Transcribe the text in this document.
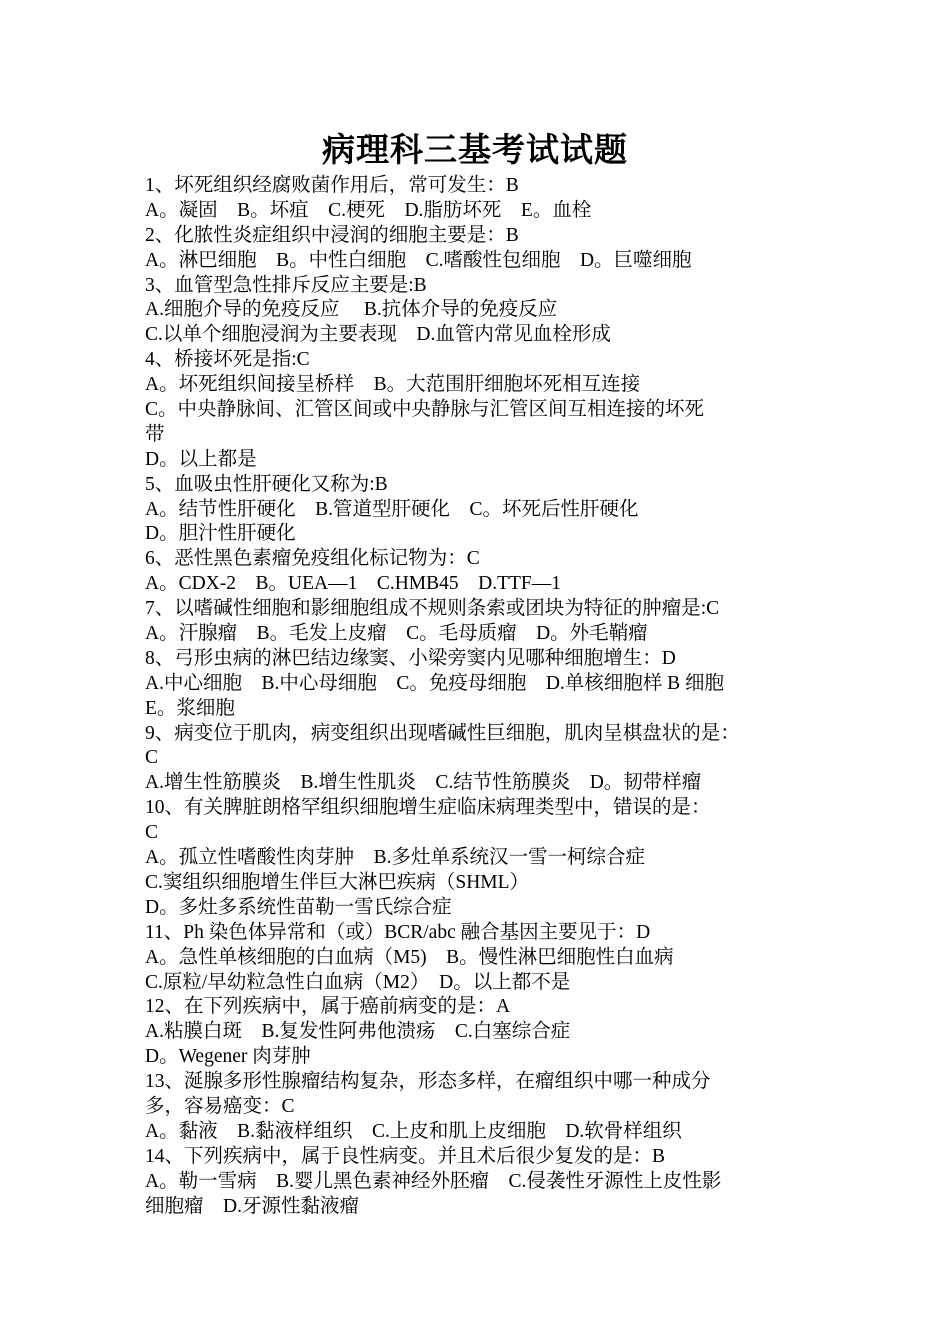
病理科三基考试试题
1、坏死组织经腐败菌作用后，常可发生：B
A。凝固　B。坏疽　C.梗死　D.脂肪坏死　E。血栓
2、化脓性炎症组织中浸润的细胞主要是：B
A。淋巴细胞　B。中性白细胞　C.嗜酸性包细胞　D。巨噬细胞
3、血管型急性排斥反应主要是:B
A.细胞介导的免疫反应　 B.抗体介导的免疫反应
C.以单个细胞浸润为主要表现　D.血管内常见血栓形成
4、桥接坏死是指:C
A。坏死组织间接呈桥样　B。大范围肝细胞坏死相互连接
C。中央静脉间、汇管区间或中央静脉与汇管区间互相连接的坏死
带
D。以上都是
5、血吸虫性肝硬化又称为:B
A。结节性肝硬化　B.管道型肝硬化　C。坏死后性肝硬化
D。胆汁性肝硬化
6、恶性黑色素瘤免疫组化标记物为：C
A。CDX-2　B。UEA—1　C.HMB45　D.TTF—1
7、以嗜碱性细胞和影细胞组成不规则条索或团块为特征的肿瘤是:C
A。汗腺瘤　B。毛发上皮瘤　C。毛母质瘤　D。外毛鞘瘤
8、弓形虫病的淋巴结边缘窦、小梁旁窦内见哪种细胞增生：D
A.中心细胞　B.中心母细胞　C。免疫母细胞　D.单核细胞样 B 细胞
E。浆细胞
9、病变位于肌肉，病变组织出现嗜碱性巨细胞，肌肉呈棋盘状的是：
C
A.增生性筋膜炎　B.增生性肌炎　C.结节性筋膜炎　D。韧带样瘤
10、有关脾脏朗格罕组织细胞增生症临床病理类型中，错误的是：
C
A。孤立性嗜酸性肉芽肿　B.多灶单系统汉一雪一柯综合症
C.窦组织细胞增生伴巨大淋巴疾病（SHML）
D。多灶多系统性苗勒一雪氏综合症
11、Ph 染色体异常和（或）BCR/abc 融合基因主要见于：D
A。急性单核细胞的白血病（M5)　B。慢性淋巴细胞性白血病
C.原粒/早幼粒急性白血病（M2）　D。以上都不是
12、在下列疾病中，属于癌前病变的是：A
A.粘膜白斑　B.复发性阿弗他溃疡　C.白塞综合症
D。Wegener 肉芽肿
13、涎腺多形性腺瘤结构复杂，形态多样，在瘤组织中哪一种成分
多，容易癌变：C
A。黏液　B.黏液样组织　C.上皮和肌上皮细胞　D.软骨样组织
14、下列疾病中，属于良性病变。并且术后很少复发的是：B
A。勒一雪病　B.婴儿黑色素神经外胚瘤　C.侵袭性牙源性上皮性影
细胞瘤　D.牙源性黏液瘤
